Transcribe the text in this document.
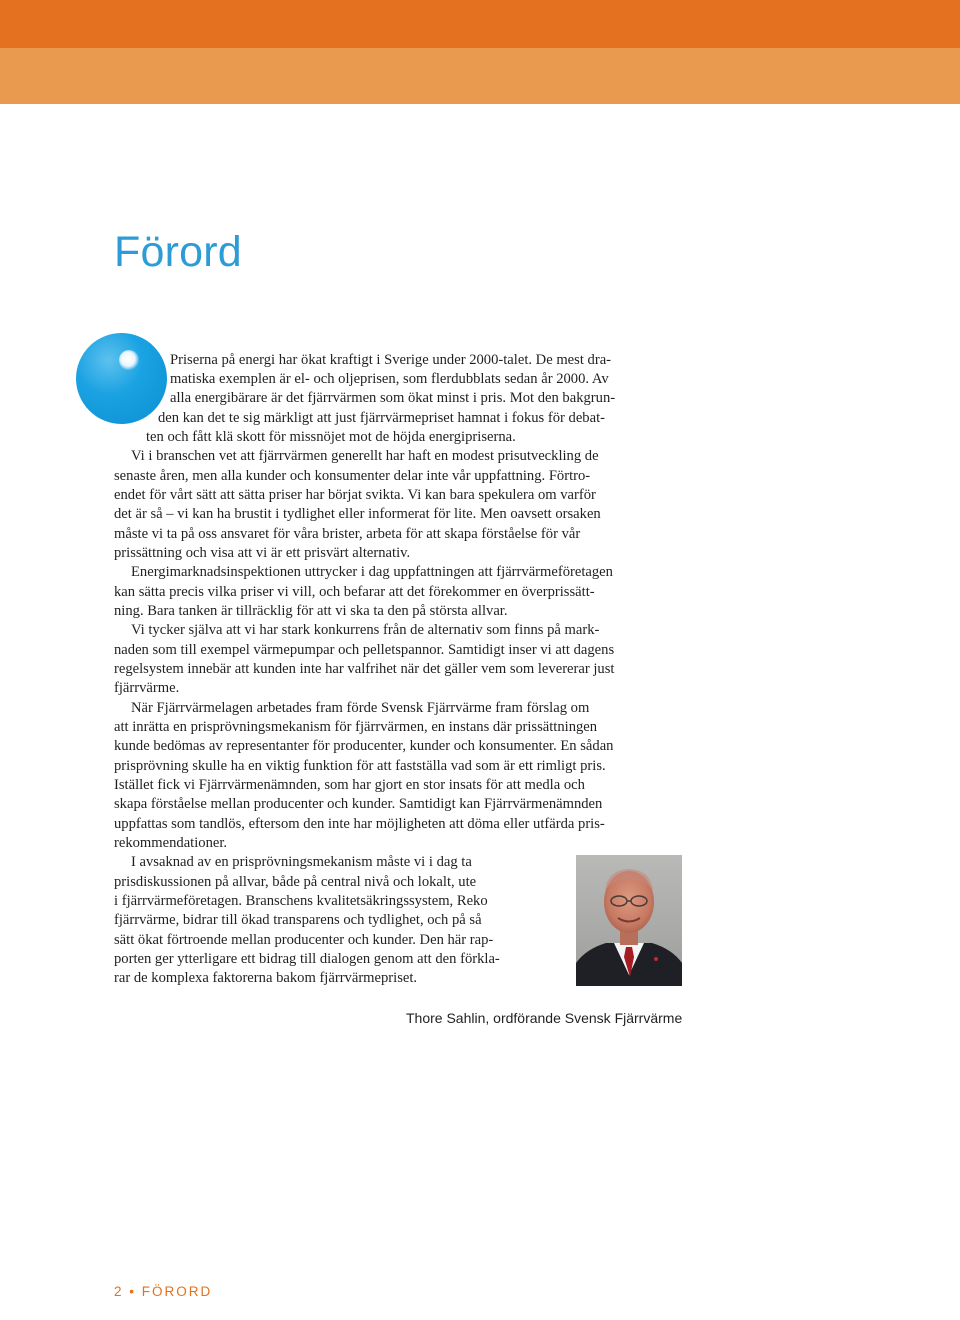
Förord
Priserna på energi har ökat kraftigt i Sverige under 2000-talet. De mest dra-
matiska exemplen är el- och oljeprisen, som flerdubblats sedan år 2000. Av
alla energibärare är det fjärrvärmen som ökat minst i pris. Mot den bakgrun-
den kan det te sig märkligt att just fjärrvärmepriset hamnat i fokus för debat-
ten och fått klä skott för missnöjet mot de höjda energipriserna.
Vi i branschen vet att fjärrvärmen generellt har haft en modest prisutveckling de
senaste åren, men alla kunder och konsumenter delar inte vår uppfattning. Förtro-
endet för vårt sätt att sätta priser har börjat svikta. Vi kan bara spekulera om varför
det är så – vi kan ha brustit i tydlighet eller informerat för lite. Men oavsett orsaken
måste vi ta på oss ansvaret för våra brister, arbeta för att skapa förståelse för vår
prissättning och visa att vi är ett prisvärt alternativ.
Energimarknadsinspektionen uttrycker i dag uppfattningen att fjärrvärmeföretagen
kan sätta precis vilka priser vi vill, och befarar att det förekommer en överprissätt-
ning. Bara tanken är tillräcklig för att vi ska ta den på största allvar.
Vi tycker själva att vi har stark konkurrens från de alternativ som finns på mark-
naden som till exempel värmepumpar och pelletspannor. Samtidigt inser vi att dagens
regelsystem innebär att kunden inte har valfrihet när det gäller vem som levererar just
fjärrvärme.
När Fjärrvärmelagen arbetades fram förde Svensk Fjärrvärme fram förslag om
att inrätta en prisprövningsmekanism för fjärrvärmen, en instans där prissättningen
kunde bedömas av representanter för producenter, kunder och konsumenter. En sådan
prisprövning skulle ha en viktig funktion för att fastställa vad som är ett rimligt pris.
Istället fick vi Fjärrvärmenämnden, som har gjort en stor insats för att medla och
skapa förståelse mellan producenter och kunder. Samtidigt kan Fjärrvärmenämnden
uppfattas som tandlös, eftersom den inte har möjligheten att döma eller utfärda pris-
rekommendationer.
I avsaknad av en prisprövningsmekanism måste vi i dag ta
prisdiskussionen på allvar, både på central nivå och lokalt, ute
i fjärrvärmeföretagen. Branschens kvalitetsäkringssystem, Reko
fjärrvärme, bidrar till ökad transparens och tydlighet, och på så
sätt ökat förtroende mellan producenter och kunder. Den här rap-
porten ger ytterligare ett bidrag till dialogen genom att den förkla-
rar de komplexa faktorerna bakom fjärrvärmepriset.
Thore Sahlin, ordförande Svensk Fjärrvärme
2 • FÖRORD
